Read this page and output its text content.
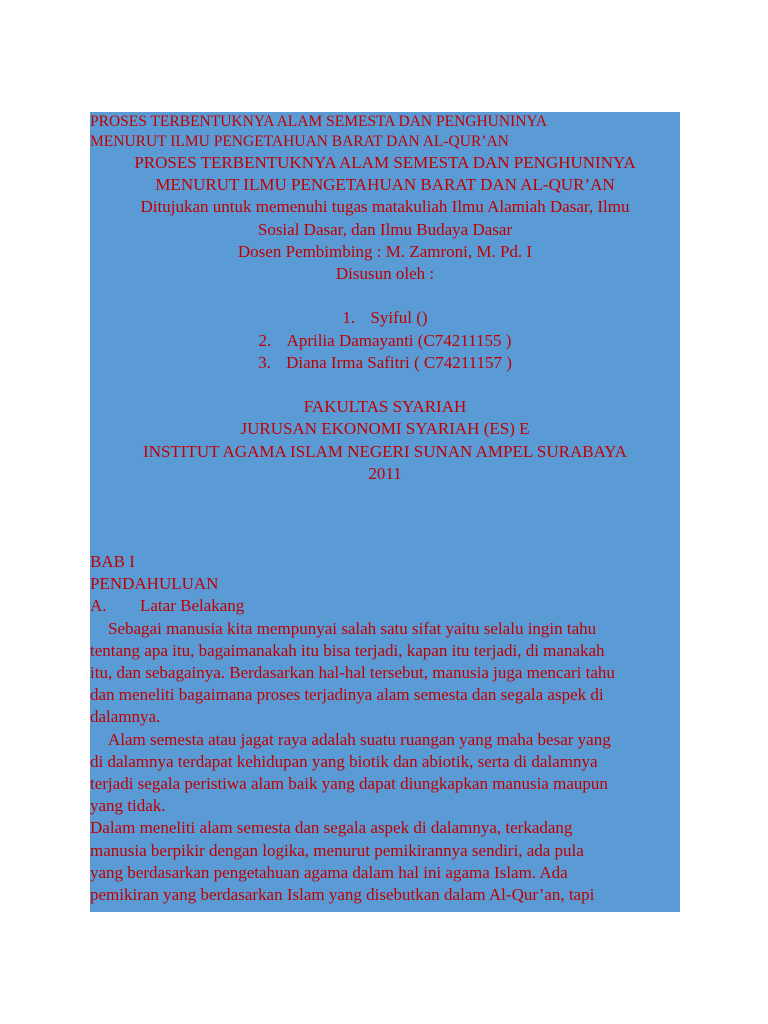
PROSES TERBENTUKNYA ALAM SEMESTA DAN PENGHUNINYA

MENURUT ILMU PENGETAHUAN BARAT DAN AL-QUR’AN

PROSES TERBENTUKNYA ALAM SEMESTA DAN PENGHUNINYA

MENURUT ILMU PENGETAHUAN BARAT DAN AL-QUR’AN

Ditujukan untuk memenuhi tugas matakuliah Ilmu Alamiah Dasar, Ilmu

Sosial Dasar, dan Ilmu Budaya Dasar

Dosen Pembimbing : M. Zamroni, M. Pd. I

Disusun oleh :

1. Syiful ()

2. Aprilia Damayanti (C74211155 )

3. Diana Irma Safitri ( C74211157 )

FAKULTAS SYARIAH

JURUSAN EKONOMI SYARIAH (ES) E

INSTITUT AGAMA ISLAM NEGERI SUNAN AMPEL SURABAYA

2011

BAB I

PENDAHULUAN

A. Latar Belakang

Sebagai manusia kita mempunyai salah satu sifat yaitu selalu ingin tahu

tentang apa itu, bagaimanakah itu bisa terjadi, kapan itu terjadi, di manakah

itu, dan sebagainya. Berdasarkan hal-hal tersebut, manusia juga mencari tahu

dan meneliti bagaimana proses terjadinya alam semesta dan segala aspek di

dalamnya.

Alam semesta atau jagat raya adalah suatu ruangan yang maha besar yang

di dalamnya terdapat kehidupan yang biotik dan abiotik, serta di dalamnya

terjadi segala peristiwa alam baik yang dapat diungkapkan manusia maupun

yang tidak.

Dalam meneliti alam semesta dan segala aspek di dalamnya, terkadang

manusia berpikir dengan logika, menurut pemikirannya sendiri, ada pula

yang berdasarkan pengetahuan agama dalam hal ini agama Islam. Ada

pemikiran yang berdasarkan Islam yang disebutkan dalam Al-Qur’an, tapi
